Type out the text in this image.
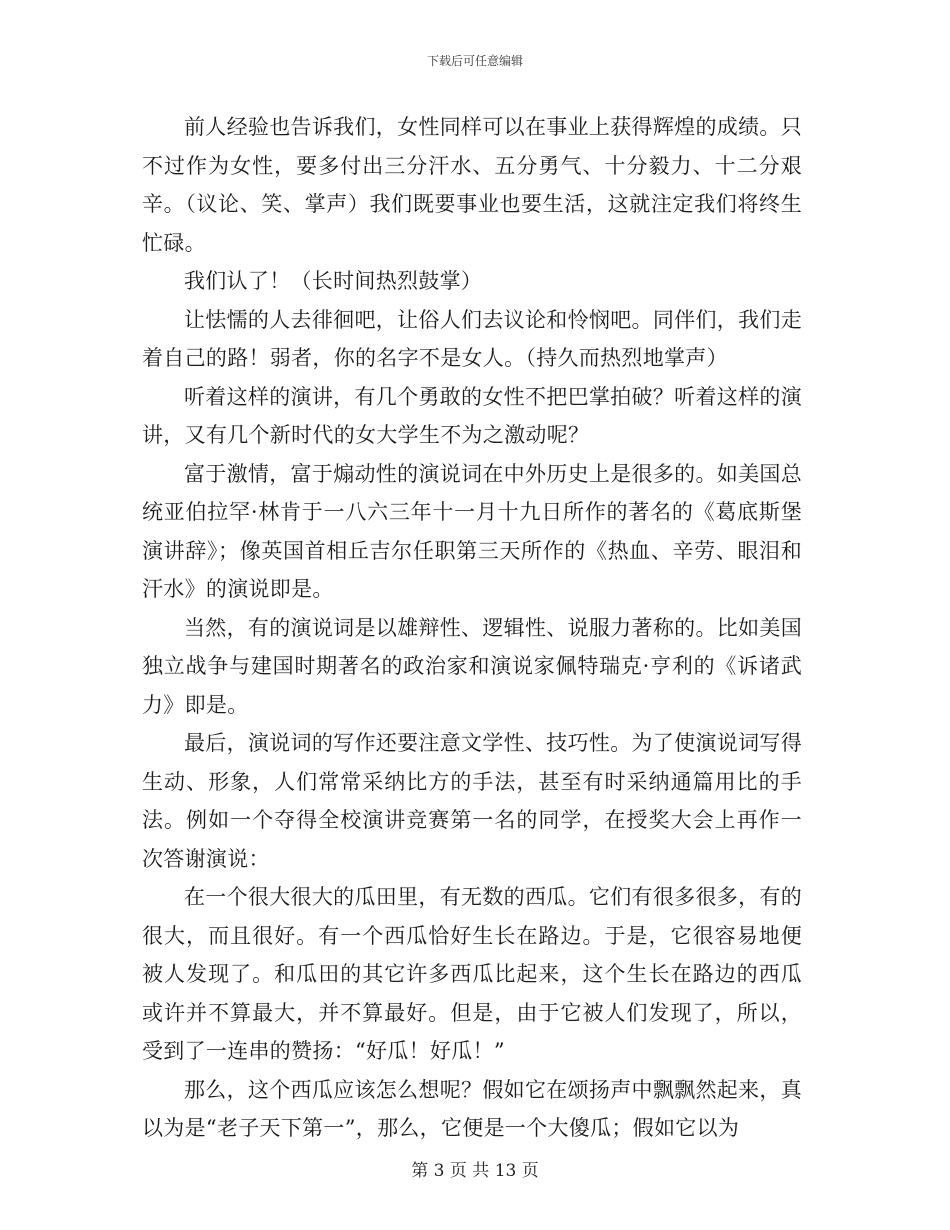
下载后可任意编辑

前人经验也告诉我们，女性同样可以在事业上获得辉煌的成绩。只不过作为女性，要多付出三分汗水、五分勇气、十分毅力、十二分艰辛。（议论、笑、掌声）我们既要事业也要生活，这就注定我们将终生忙碌。

我们认了！（长时间热烈鼓掌）

让怯懦的人去徘徊吧，让俗人们去议论和怜悯吧。同伴们，我们走着自己的路！弱者，你的名字不是女人。（持久而热烈地掌声）

听着这样的演讲，有几个勇敢的女性不把巴掌拍破？听着这样的演讲，又有几个新时代的女大学生不为之激动呢？

富于激情，富于煽动性的演说词在中外历史上是很多的。如美国总统亚伯拉罕·林肯于一八六三年十一月十九日所作的著名的《葛底斯堡演讲辞》；像英国首相丘吉尔任职第三天所作的《热血、辛劳、眼泪和汗水》的演说即是。

当然，有的演说词是以雄辩性、逻辑性、说服力著称的。比如美国独立战争与建国时期著名的政治家和演说家佩特瑞克·亨利的《诉诸武力》即是。

最后，演说词的写作还要注意文学性、技巧性。为了使演说词写得生动、形象，人们常常采纳比方的手法，甚至有时采纳通篇用比的手法。例如一个夺得全校演讲竞赛第一名的同学，在授奖大会上再作一次答谢演说：

在一个很大很大的瓜田里，有无数的西瓜。它们有很多很多，有的很大，而且很好。有一个西瓜恰好生长在路边。于是，它很容易地便被人发现了。和瓜田的其它许多西瓜比起来，这个生长在路边的西瓜或许并不算最大，并不算最好。但是，由于它被人们发现了，所以，受到了一连串的赞扬：“好瓜！好瓜！”

那么，这个西瓜应该怎么想呢？假如它在颂扬声中飘飘然起来，真以为是“老子天下第一”，那么，它便是一个大傻瓜；假如它以为

第 3 页 共 13 页
